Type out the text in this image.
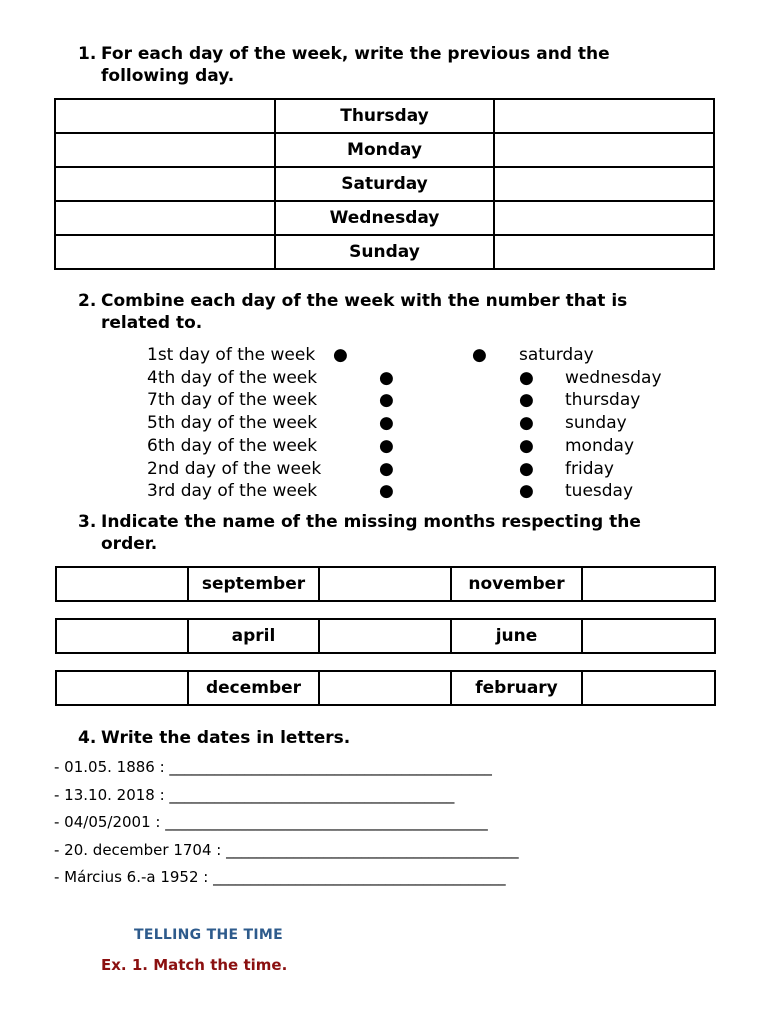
1. For each day of the week, write the previous and the
following day.
	Thursday	
	Monday	
	Saturday	
	Wednesday	
	Sunday	
2. Combine each day of the week with the number that is
related to.
1st day of the week ●	● saturday
4th day of the week	●	● wednesday
7th day of the week	●	● thursday
5th day of the week	●	● sunday
6th day of the week	●	● monday
2nd day of the week	●	● friday
3rd day of the week	●	● tuesday
3. Indicate the name of the missing months respecting the
order.
	september		november	
	april		june	
	december		february	
4. Write the dates in letters.
- 01.05. 1886 : ___________________________________________
- 13.10. 2018 : ______________________________________
- 04/05/2001 : ___________________________________________
- 20. december 1704 : _______________________________________
- Március 6.-a 1952 : _______________________________________
TELLING THE TIME
Ex. 1. Match the time.
